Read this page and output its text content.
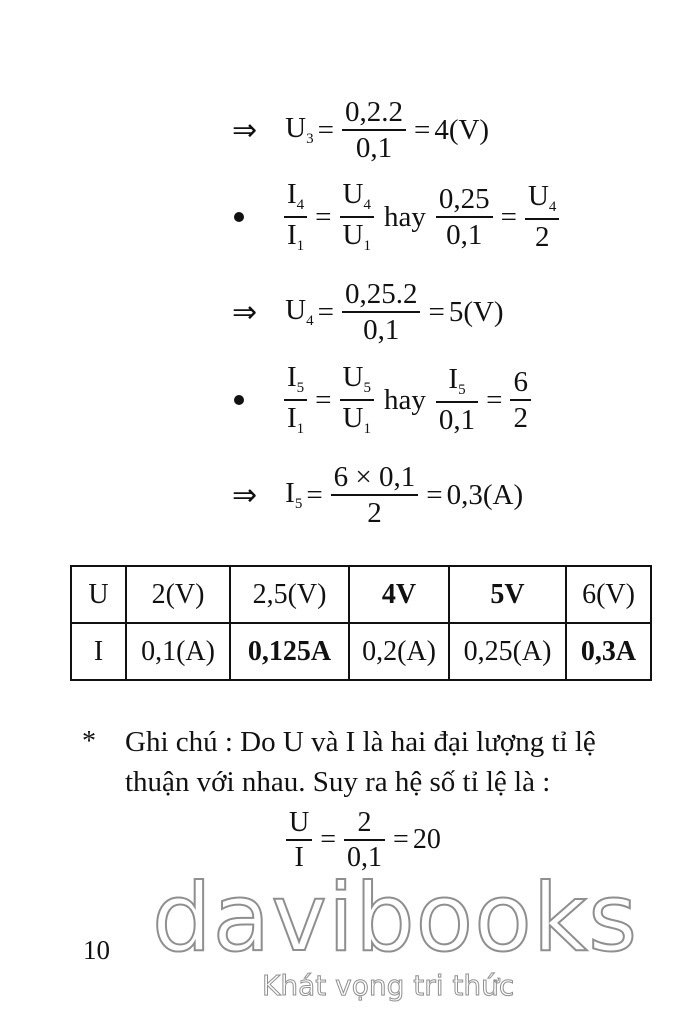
⇒ $U_3 = \frac{0,2.2}{0,1} = 4(V)$
$\frac{I_4}{I_1} = \frac{U_4}{U_1}$ hay $\frac{0,25}{0,1} = \frac{U_4}{2}$
⇒ $U_4 = \frac{0,25.2}{0,1} = 5(V)$
$\frac{I_5}{I_1} = \frac{U_5}{U_1}$ hay $\frac{I_5}{0,1} = \frac{6}{2}$
⇒ $I_5 = \frac{6 \times 0,1}{2} = 0,3(A)$
U	2(V)	2,5(V)	4V	5V	6(V)
I	0,1(A)	0,125A	0,2(A)	0,25(A)	0,3A
* Ghi chú : Do U và I là hai đại lượng tỉ lệ thuận với nhau. Suy ra hệ số tỉ lệ là :
$\frac{U}{I} = \frac{2}{0,1} = 20$
10 davibooks
Khát vọng tri thức
